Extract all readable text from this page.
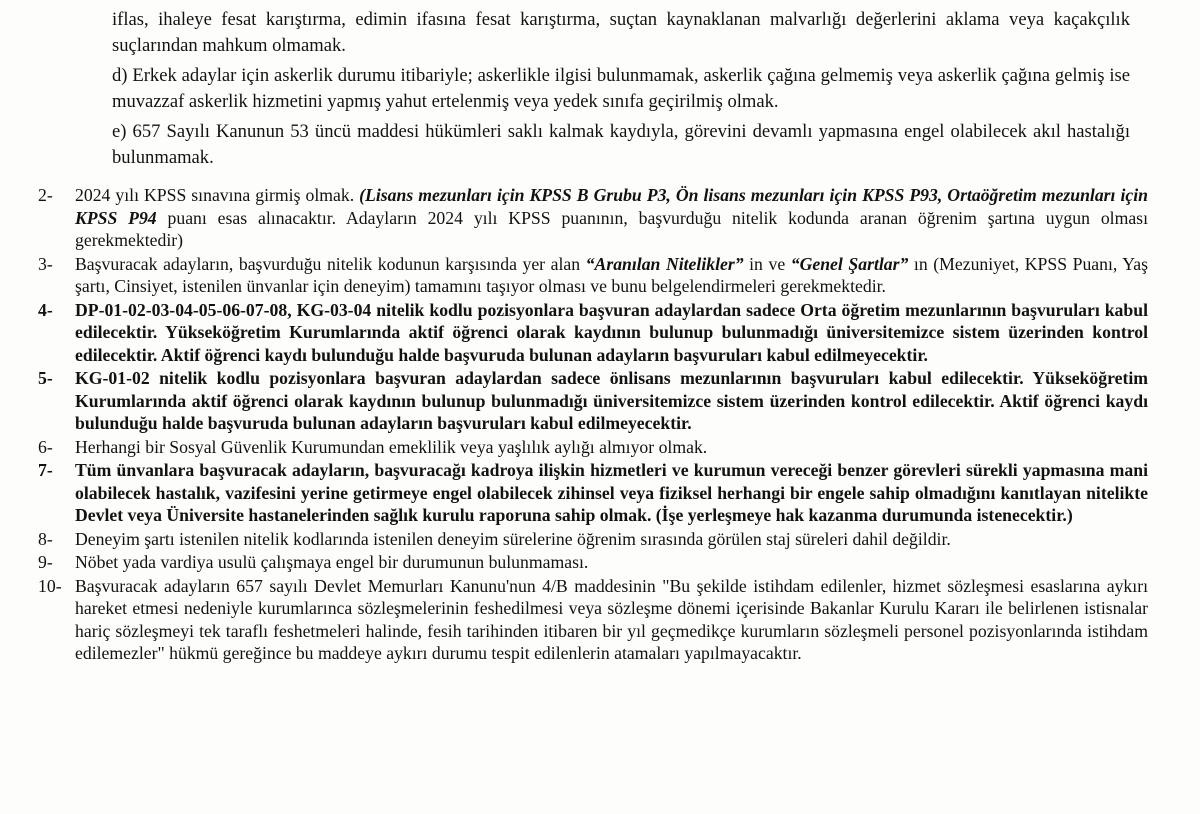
iflas, ihaleye fesat karıştırma, edimin ifasına fesat karıştırma, suçtan kaynaklanan malvarlığı değerlerini aklama veya kaçakçılık suçlarından mahkum olmamak.

d) Erkek adaylar için askerlik durumu itibariyle; askerlikle ilgisi bulunmamak, askerlik çağına gelmemiş veya askerlik çağına gelmiş ise muvazzaf askerlik hizmetini yapmış yahut ertelenmiş veya yedek sınıfa geçirilmiş olmak.

e) 657 Sayılı Kanunun 53 üncü maddesi hükümleri saklı kalmak kaydıyla, görevini devamlı yapmasına engel olabilecek akıl hastalığı bulunmamak.

2-	2024 yılı KPSS sınavına girmiş olmak. (Lisans mezunları için KPSS B Grubu P3, Ön lisans mezunları için KPSS P93, Ortaöğretim mezunları için KPSS P94 puanı esas alınacaktır. Adayların 2024 yılı KPSS puanının, başvurduğu nitelik kodunda aranan öğrenim şartına uygun olması gerekmektedir)
3-	Başvuracak adayların, başvurduğu nitelik kodunun karşısında yer alan “Aranılan Nitelikler” in ve “Genel Şartlar” ın (Mezuniyet, KPSS Puanı, Yaş şartı, Cinsiyet, istenilen ünvanlar için deneyim) tamamını taşıyor olması ve bunu belgelendirmeleri gerekmektedir.
4-	DP-01-02-03-04-05-06-07-08, KG-03-04 nitelik kodlu pozisyonlara başvuran adaylardan sadece Orta öğretim mezunlarının başvuruları kabul edilecektir. Yükseköğretim Kurumlarında aktif öğrenci olarak kaydının bulunup bulunmadığı üniversitemizce sistem üzerinden kontrol edilecektir. Aktif öğrenci kaydı bulunduğu halde başvuruda bulunan adayların başvuruları kabul edilmeyecektir.
5-	KG-01-02 nitelik kodlu pozisyonlara başvuran adaylardan sadece önlisans mezunlarının başvuruları kabul edilecektir. Yükseköğretim Kurumlarında aktif öğrenci olarak kaydının bulunup bulunmadığı üniversitemizce sistem üzerinden kontrol edilecektir. Aktif öğrenci kaydı bulunduğu halde başvuruda bulunan adayların başvuruları kabul edilmeyecektir.
6-	Herhangi bir Sosyal Güvenlik Kurumundan emeklilik veya yaşlılık aylığı almıyor olmak.
7-	Tüm ünvanlara başvuracak adayların, başvuracağı kadroya ilişkin hizmetleri ve kurumun vereceği benzer görevleri sürekli yapmasına mani olabilecek hastalık, vazifesini yerine getirmeye engel olabilecek zihinsel veya fiziksel herhangi bir engele sahip olmadığını kanıtlayan nitelikte Devlet veya Üniversite hastanelerinden sağlık kurulu raporuna sahip olmak. (İşe yerleşmeye hak kazanma durumunda istenecektir.)
8-	Deneyim şartı istenilen nitelik kodlarında istenilen deneyim sürelerine öğrenim sırasında görülen staj süreleri dahil değildir.
9-	Nöbet yada vardiya usulü çalışmaya engel bir durumunun bulunmaması.
10- Başvuracak adayların 657 sayılı Devlet Memurları Kanunu'nun 4/B maddesinin "Bu şekilde istihdam edilenler, hizmet sözleşmesi esaslarına aykırı hareket etmesi nedeniyle kurumlarınca sözleşmelerinin feshedilmesi veya sözleşme dönemi içerisinde Bakanlar Kurulu Kararı ile belirlenen istisnalar hariç sözleşmeyi tek taraflı feshetmeleri halinde, fesih tarihinden itibaren bir yıl geçmedikçe kurumların sözleşmeli personel pozisyonlarında istihdam edilemezler" hükmü gereğince bu maddeye aykırı durumu tespit edilenlerin atamaları yapılmayacaktır.
